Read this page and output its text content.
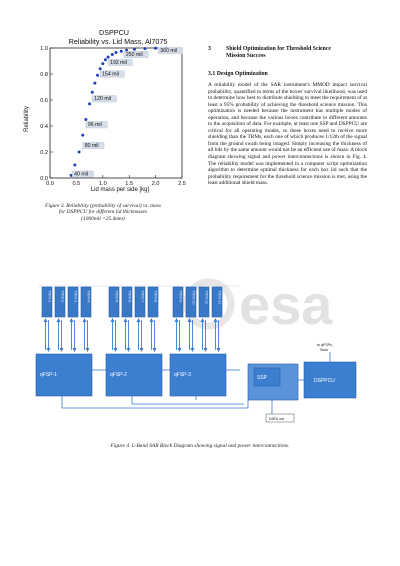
DSPPCU
Reliability vs. Lid Mass, Al7075
0.0	0.5	1.0	1.5	2.0	2.5
0.0
0.2
0.4
0.6
0.8
1.0
40 mil
80 mil
96 mil
120 mil
154 mil
192 mil
250 mil
360 mil
Lid mass per side [kg]
Reliability
Figure 3. Reliability (probability of survival) vs. mass
for DSPPCU for different lid thicknesses
(1000mil =25.4mm)
3	Shield Optimization for Threshold Science
Mission Success
3.1 Design Optimization
A reliability model of the SAR instrument's MMOD impact survival probability, quantified in terms of the boxes' survival likelihood, was used to determine how best to distribute shielding to meet the requirement of at least a 95% probability of achieving the threshold science mission. This optimization is needed because the instrument has multiple modes of operation, and because the various boxes contribute in different amounts to the acquisition of data. For example, at least one SSP and DSPPCU are critical for all operating modes, so these boxes need to receive more shielding than the TRMs, each one of which produces 1/12th of the signal from the ground swath being imaged. Simply increasing the thickness of all lids by the same amount would not be an efficient use of mass. A block diagram showing signal and power interconnections is shown in Fig. 4. The reliability model was implemented in a computer script optimization algorithm to determine optimal thickness for each box lid such that the probability requirement for the threshold science mission is met, using the least additional shield mass.
esa
TRM-1 TRM-2 TRM-3 TRM-4
qFSP-1
TRM-5 TRM-6 TRM-7 TRM-8
qFSP-2
TRM-9 TRM-10 TRM-11 TRM-12
qFSP-3	SSP	DSPPCU
to qFSPs,
Slots
DATA out
Figure 4. L-Band SAR Block Diagram showing signal and power interconnections.
